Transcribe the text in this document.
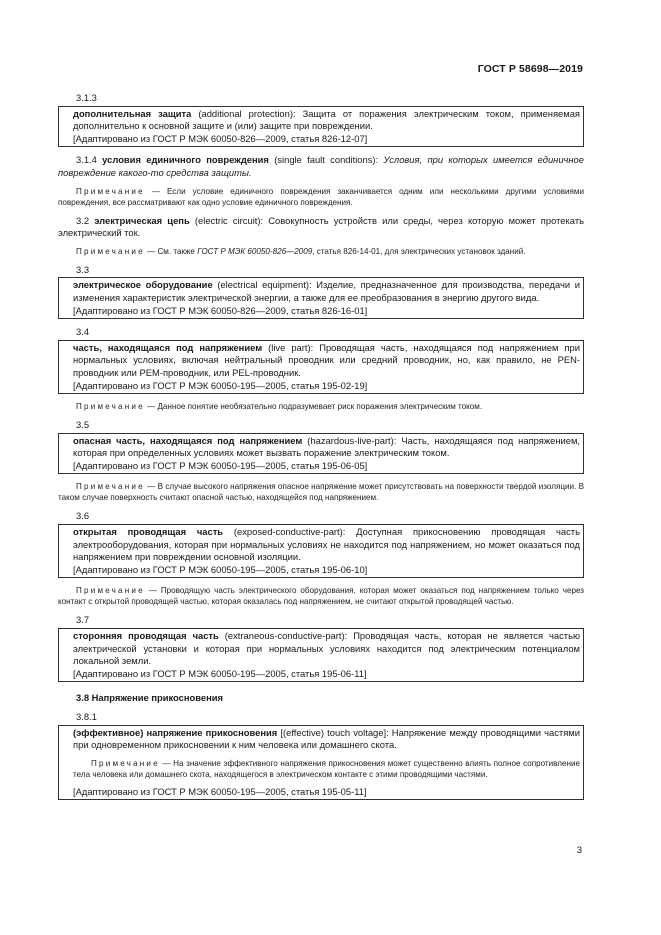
ГОСТ Р 58698—2019

3.1.3

дополнительная защита (additional protection): Защита от поражения электрическим током, применяемая дополнительно к основной защите и (или) защите при повреждении.

[Адаптировано из ГОСТ Р МЭК 60050-826—2009, статья 826-12-07]

3.1.4 условия единичного повреждения (single fault conditions): Условия, при которых имеется единичное повреждение какого-то средства защиты.

Примечание — Если условие единичного повреждения заканчивается одним или несколькими другими условиями повреждения, все рассматривают как одно условие единичного повреждения.

3.2 электрическая цепь (electric circuit): Совокупность устройств или среды, через которую может протекать электрический ток.

Примечание — См. также ГОСТ Р МЭК 60050-826—2009, статья 826-14-01, для электрических установок зданий.

3.3

электрическое оборудование (electrical equipment): Изделие, предназначенное для производства, передачи и изменения характеристик электрической энергии, а также для ее преобразования в энергию другого вида.

[Адаптировано из ГОСТ Р МЭК 60050-826—2009, статья 826-16-01]

3.4

часть, находящаяся под напряжением (live part): Проводящая часть, находящаяся под напряжением при нормальных условиях, включая нейтральный проводник или средний проводник, но, как правило, не PEN-проводник или PEM-проводник, или PEL-проводник.

[Адаптировано из ГОСТ Р МЭК 60050-195—2005, статья 195-02-19]

Примечание — Данное понятие необязательно подразумевает риск поражения электрическим током.

3.5

опасная часть, находящаяся под напряжением (hazardous-live-part): Часть, находящаяся под напряжением, которая при определенных условиях может вызвать поражение электрическим током.

[Адаптировано из ГОСТ Р МЭК 60050-195—2005, статья 195-06-05]

Примечание — В случае высокого напряжения опасное напряжение может присутствовать на поверхности твердой изоляции. В таком случае поверхность считают опасной частью, находящейся под напряжением.

3.6

открытая проводящая часть (exposed-conductive-part): Доступная прикосновению проводящая часть электрооборудования, которая при нормальных условиях не находится под напряжением, но может оказаться под напряжением при повреждении основной изоляции.

[Адаптировано из ГОСТ Р МЭК 60050-195—2005, статья 195-06-10]

Примечание — Проводящую часть электрического оборудования, которая может оказаться под напряжением только через контакт с открытой проводящей частью, которая оказалась под напряжением, не считают открытой проводящей частью.

3.7

сторонняя проводящая часть (extraneous-conductive-part): Проводящая часть, которая не является частью электрической установки и которая при нормальных условиях находится под электрическим потенциалом локальной земли.

[Адаптировано из ГОСТ Р МЭК 60050-195—2005, статья 195-06-11]

3.8 Напряжение прикосновения

3.8.1

(эффективное) напряжение прикосновения [(effective) touch voltage]: Напряжение между проводящими частями при одновременном прикосновении к ним человека или домашнего скота.

Примечание — На значение эффективного напряжения прикосновения может существенно влиять полное сопротивление тела человека или домашнего скота, находящегося в электрическом контакте с этими проводящими частями.

[Адаптировано из ГОСТ Р МЭК 60050-195—2005, статья 195-05-11]

3
